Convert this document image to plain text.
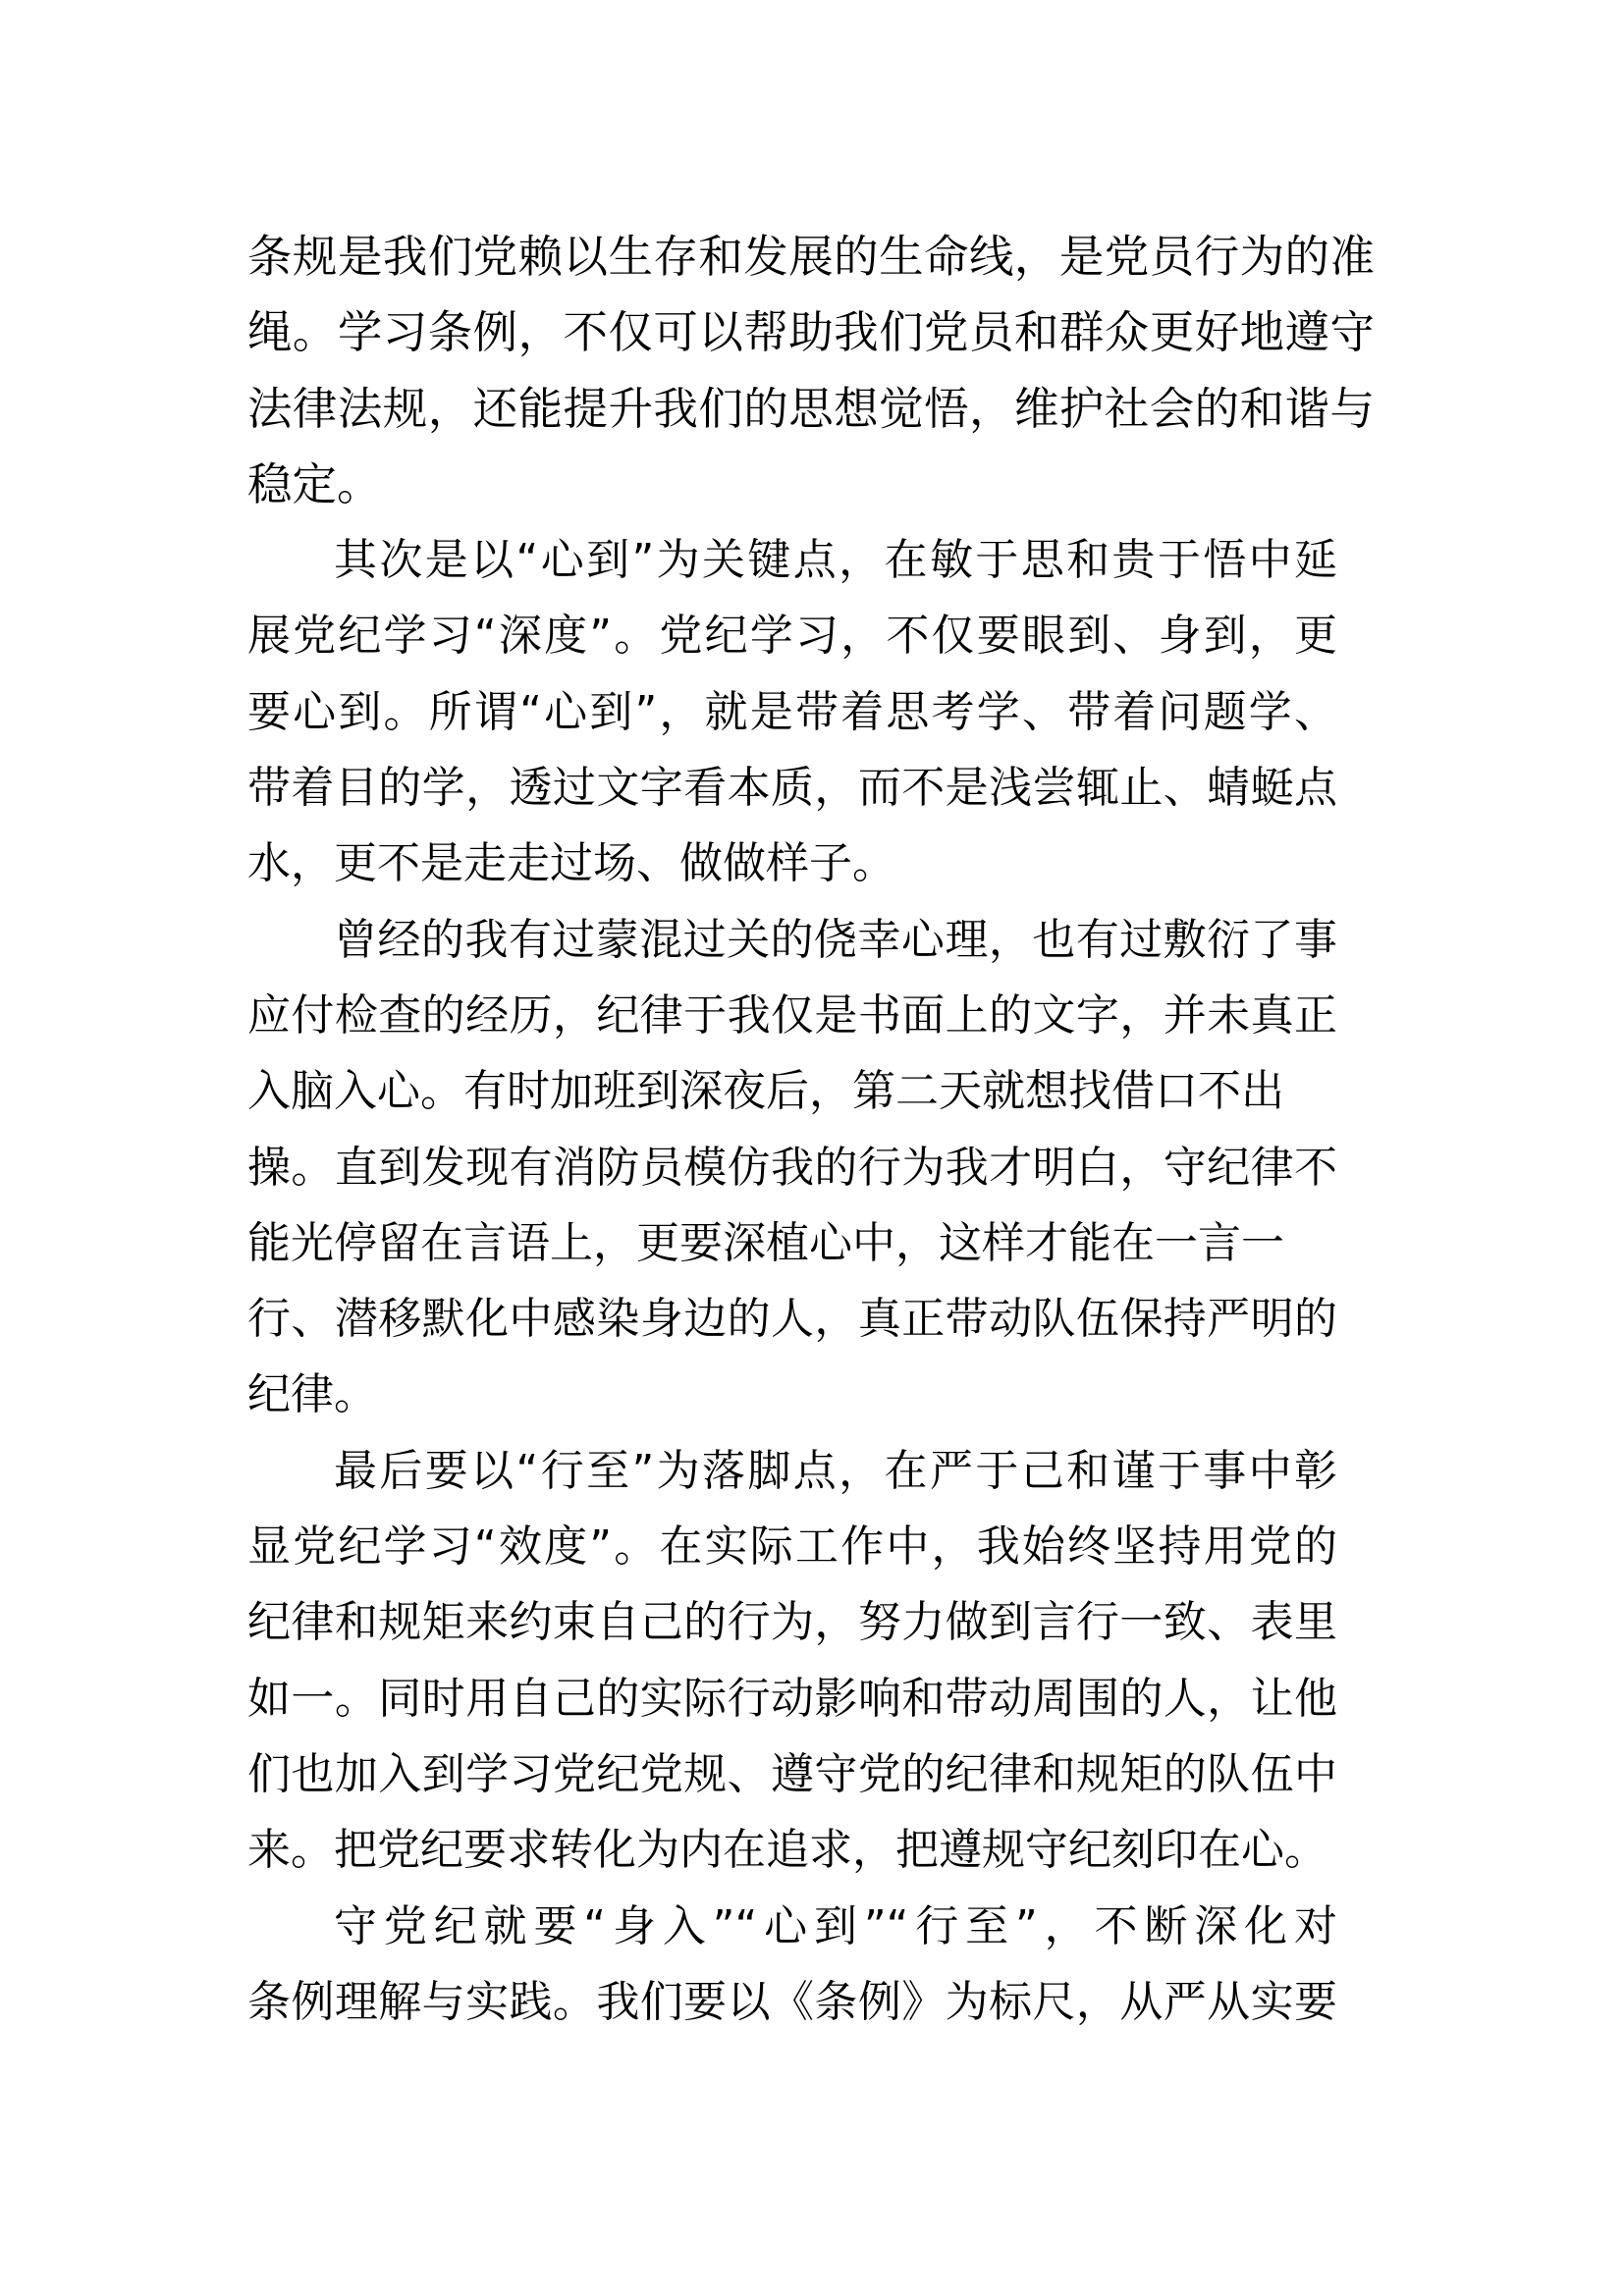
条规是我们党赖以生存和发展的生命线，是党员行为的准
绳。学习条例，不仅可以帮助我们党员和群众更好地遵守
法律法规，还能提升我们的思想觉悟，维护社会的和谐与
稳定。
其次是以“心到”为关键点，在敏于思和贵于悟中延
展党纪学习“深度”。党纪学习，不仅要眼到、身到，更
要心到。所谓“心到”，就是带着思考学、带着问题学、
带着目的学，透过文字看本质，而不是浅尝辄止、蜻蜓点
水，更不是走走过场、做做样子。
曾经的我有过蒙混过关的侥幸心理，也有过敷衍了事
应付检查的经历，纪律于我仅是书面上的文字，并未真正
入脑入心。有时加班到深夜后，第二天就想找借口不出
操。直到发现有消防员模仿我的行为我才明白，守纪律不
能光停留在言语上，更要深植心中，这样才能在一言一
行、潜移默化中感染身边的人，真正带动队伍保持严明的
纪律。
最后要以“行至”为落脚点，在严于己和谨于事中彰
显党纪学习“效度”。在实际工作中，我始终坚持用党的
纪律和规矩来约束自己的行为，努力做到言行一致、表里
如一。同时用自己的实际行动影响和带动周围的人，让他
们也加入到学习党纪党规、遵守党的纪律和规矩的队伍中
来。把党纪要求转化为内在追求，把遵规守纪刻印在心。
守党纪就要“身入”“心到”“行至”，不断深化对
条例理解与实践。我们要以《条例》为标尺，从严从实要
